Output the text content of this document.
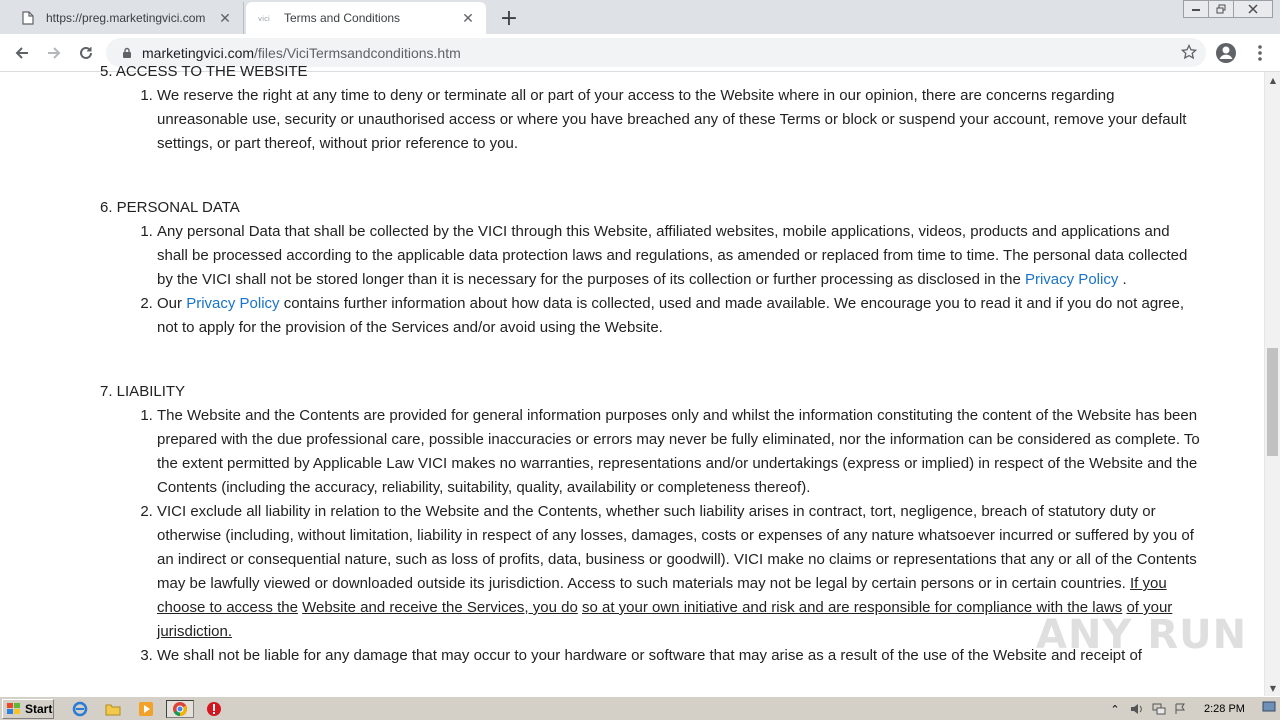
https://preg.marketingvici.com ✕	vici Terms and Conditions	✕ +
marketingvici.com/files/ViciTermsandconditions.htm
5. ACCESS TO THE WEBSITE
1. We reserve the right at any time to deny or terminate all or part of your access to the Website where in our opinion, there are concerns regarding unreasonable use, security or unauthorised access or where you have breached any of these Terms or block or suspend your account, remove your default settings, or part thereof, without prior reference to you.
6. PERSONAL DATA
1. Any personal Data that shall be collected by the VICI through this Website, affiliated websites, mobile applications, videos, products and applications and shall be processed according to the applicable data protection laws and regulations, as amended or replaced from time to time. The personal data collected by the VICI shall not be stored longer than it is necessary for the purposes of its collection or further processing as disclosed in the Privacy Policy .
2. Our Privacy Policy contains further information about how data is collected, used and made available. We encourage you to read it and if you do not agree, not to apply for the provision of the Services and/or avoid using the Website.
7. LIABILITY
1. The Website and the Contents are provided for general information purposes only and whilst the information constituting the content of the Website has been prepared with the due professional care, possible inaccuracies or errors may never be fully eliminated, nor the information can be considered as complete. To the extent permitted by Applicable Law VICI makes no warranties, representations and/or undertakings (express or implied) in respect of the Website and the Contents (including the accuracy, reliability, suitability, quality, availability or completeness thereof).
2. VICI exclude all liability in relation to the Website and the Contents, whether such liability arises in contract, tort, negligence, breach of statutory duty or otherwise (including, without limitation, liability in respect of any losses, damages, costs or expenses of any nature whatsoever incurred or suffered by you of an indirect or consequential nature, such as loss of profits, data, business or goodwill). VICI make no claims or representations that any or all of the Contents may be lawfully viewed or downloaded outside its jurisdiction. Access to such materials may not be legal by certain persons or in certain countries. If you choose to access the Website and receive the Services, you do so at your own initiative and risk and are responsible for compliance with the laws of your jurisdiction.
3. We shall not be liable for any damage that may occur to your hardware or software that may arise as a result of the use of the Website and receipt of
ANY RUN
▲
▼
Start	⌃	2:28 PM
